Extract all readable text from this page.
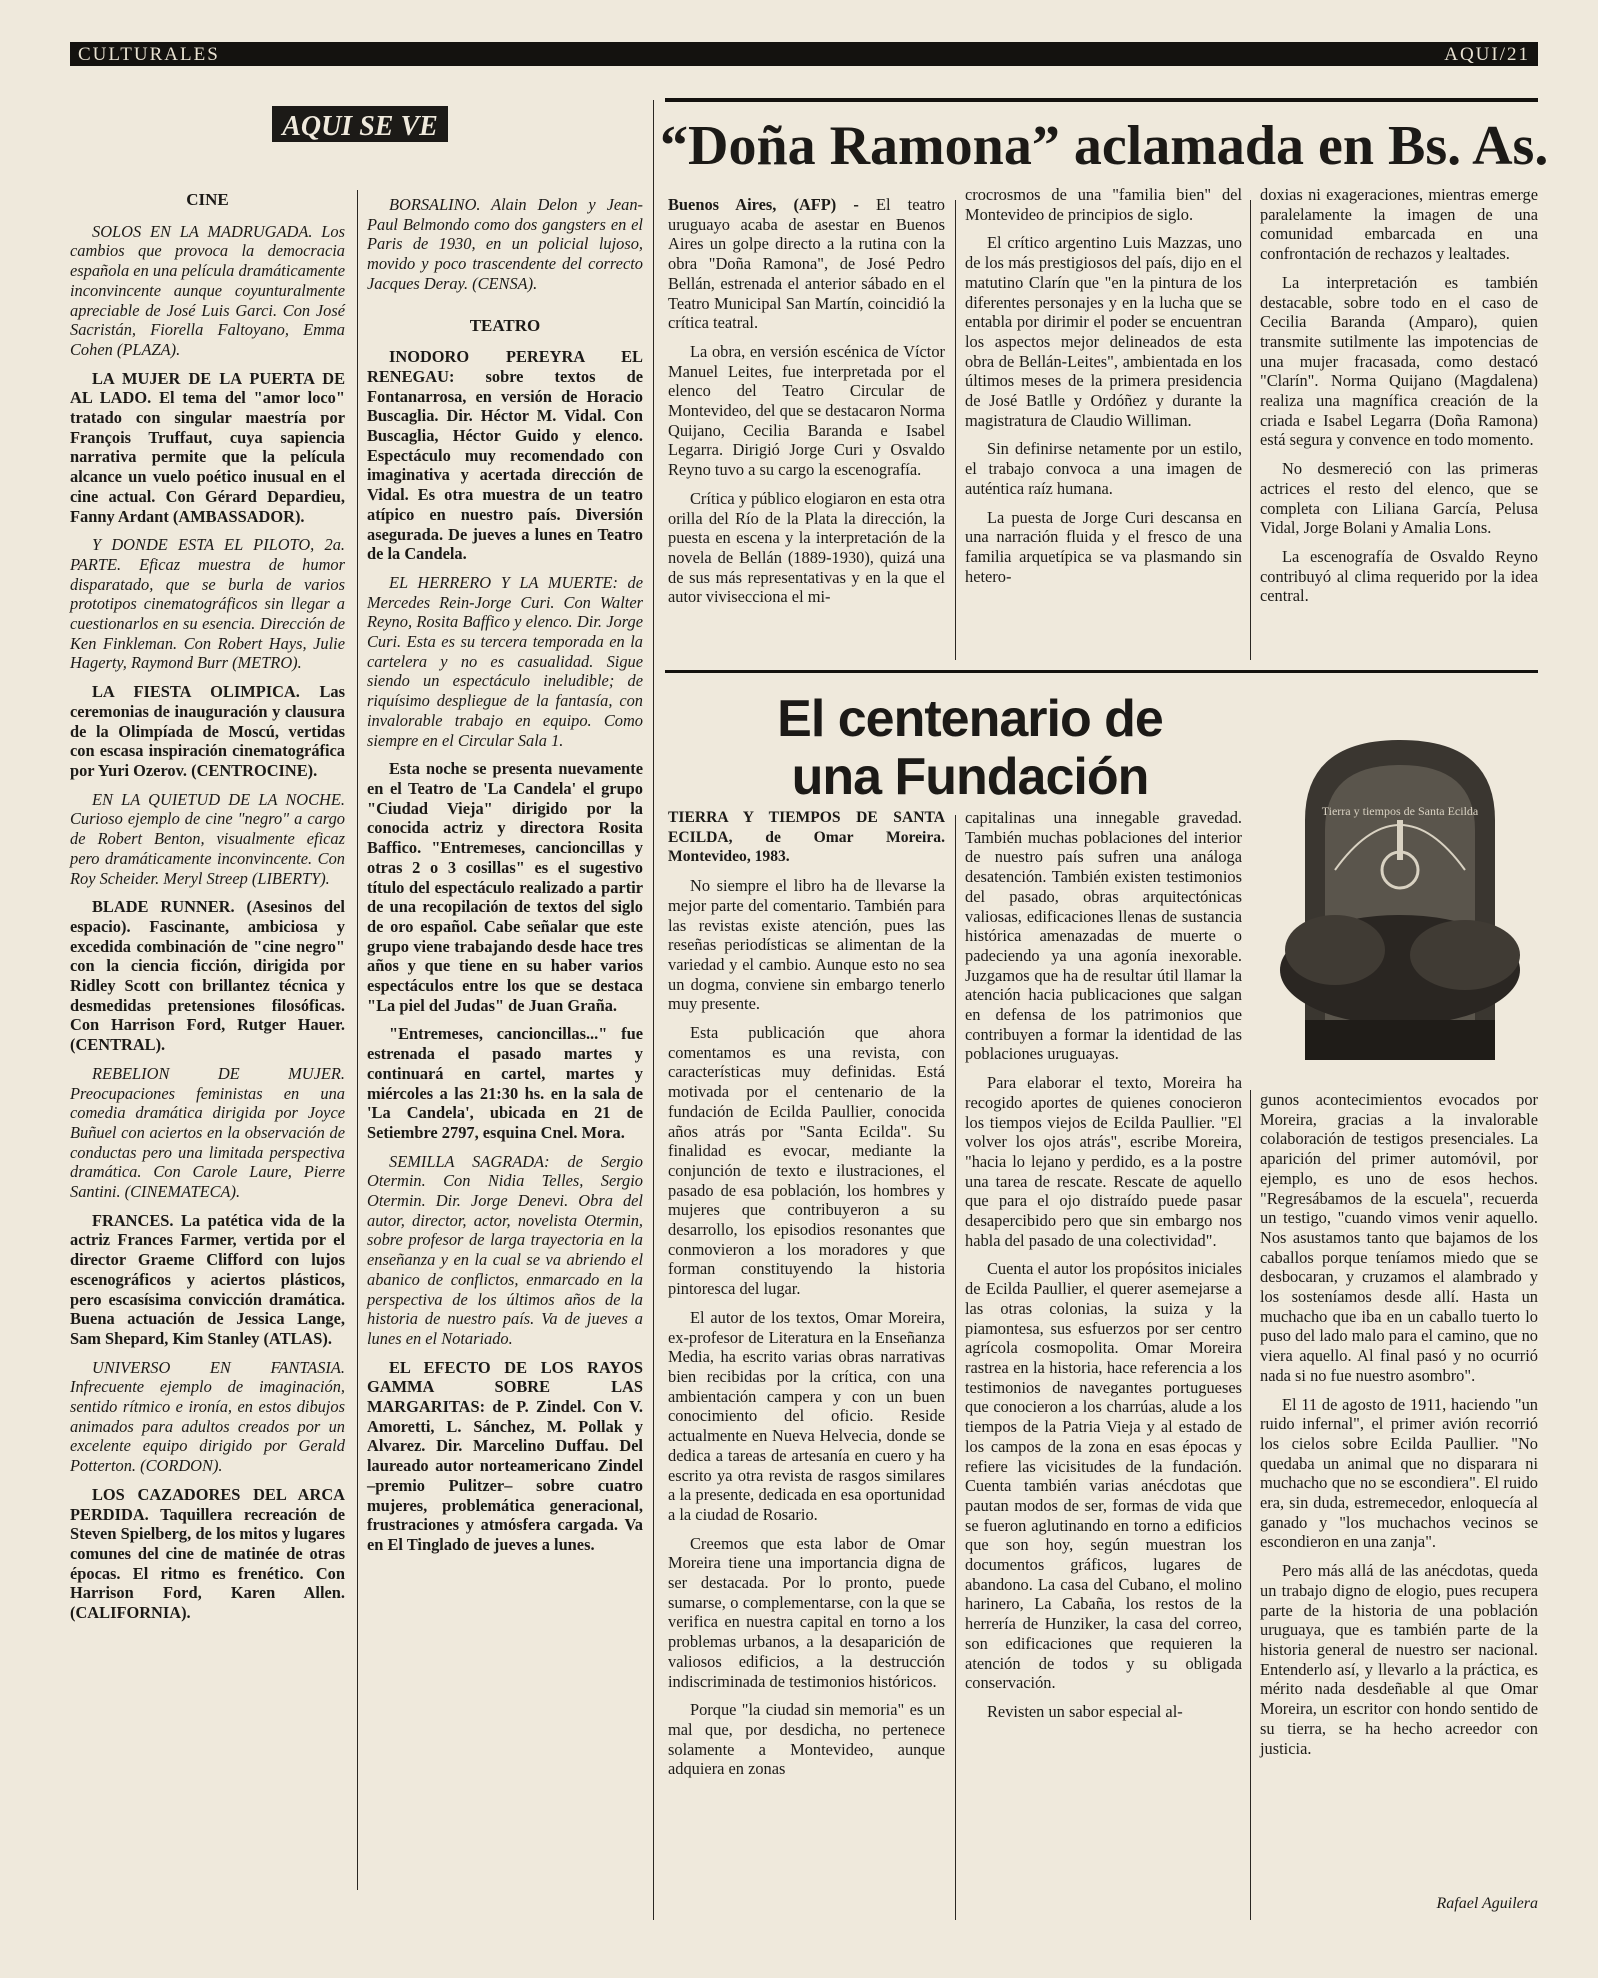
CULTURALES	AQUI/21
AQUI SE VE
CINE

SOLOS EN LA MADRUGADA. Los cambios que provoca la democracia española en una película dramáticamente inconvincente aunque coyunturalmente apreciable de José Luis Garci. Con José Sacristán, Fiorella Faltoyano, Emma Cohen (PLAZA).

LA MUJER DE LA PUERTA DE AL LADO. El tema del "amor loco" tratado con singular maestría por François Truffaut, cuya sapiencia narrativa permite que la película alcance un vuelo poético inusual en el cine actual. Con Gérard Depardieu, Fanny Ardant (AMBASSADOR).

Y DONDE ESTA EL PILOTO, 2a. PARTE. Eficaz muestra de humor disparatado, que se burla de varios prototipos cinematográficos sin llegar a cuestionarlos en su esencia. Dirección de Ken Finkleman. Con Robert Hays, Julie Hagerty, Raymond Burr (METRO).

LA FIESTA OLIMPICA. Las ceremonias de inauguración y clausura de la Olimpíada de Moscú, vertidas con escasa inspiración cinematográfica por Yuri Ozerov. (CENTROCINE).

EN LA QUIETUD DE LA NOCHE. Curioso ejemplo de cine "negro" a cargo de Robert Benton, visualmente eficaz pero dramáticamente inconvincente. Con Roy Scheider. Meryl Streep (LIBERTY).

BLADE RUNNER. (Asesinos del espacio). Fascinante, ambiciosa y excedida combinación de "cine negro" con la ciencia ficción, dirigida por Ridley Scott con brillantez técnica y desmedidas pretensiones filosóficas. Con Harrison Ford, Rutger Hauer. (CENTRAL).

REBELION DE MUJER. Preocupaciones feministas en una comedia dramática dirigida por Joyce Buñuel con aciertos en la observación de conductas pero una limitada perspectiva dramática. Con Carole Laure, Pierre Santini. (CINEMATECA).

FRANCES. La patética vida de la actriz Frances Farmer, vertida por el director Graeme Clifford con lujos escenográficos y aciertos plásticos, pero escasísima convicción dramática. Buena actuación de Jessica Lange, Sam Shepard, Kim Stanley (ATLAS).

UNIVERSO EN FANTASIA. Infrecuente ejemplo de imaginación, sentido rítmico e ironía, en estos dibujos animados para adultos creados por un excelente equipo dirigido por Gerald Potterton. (CORDON).

LOS CAZADORES DEL ARCA PERDIDA. Taquillera recreación de Steven Spielberg, de los mitos y lugares comunes del cine de matinée de otras épocas. El ritmo es frenético. Con Harrison Ford, Karen Allen. (CALIFORNIA).

BORSALINO. Alain Delon y Jean-Paul Belmondo como dos gangsters en el Paris de 1930, en un policial lujoso, movido y poco trascendente del correcto Jacques Deray. (CENSA).

TEATRO

INODORO PEREYRA EL RENEGAU: sobre textos de Fontanarrosa, en versión de Horacio Buscaglia. Dir. Héctor M. Vidal. Con Buscaglia, Héctor Guido y elenco. Espectáculo muy recomendado con imaginativa y acertada dirección de Vidal. Es otra muestra de un teatro atípico en nuestro país. Diversión asegurada. De jueves a lunes en Teatro de la Candela.

EL HERRERO Y LA MUERTE: de Mercedes Rein-Jorge Curi. Con Walter Reyno, Rosita Baffico y elenco. Dir. Jorge Curi. Esta es su tercera temporada en la cartelera y no es casualidad. Sigue siendo un espectáculo ineludible; de riquísimo despliegue de la fantasía, con invalorable trabajo en equipo. Como siempre en el Circular Sala 1.

Esta noche se presenta nuevamente en el Teatro de 'La Candela' el grupo "Ciudad Vieja" dirigido por la conocida actriz y directora Rosita Baffico. "Entremeses, cancioncillas y otras 2 o 3 cosillas" es el sugestivo título del espectáculo realizado a partir de una recopilación de textos del siglo de oro español. Cabe señalar que este grupo viene trabajando desde hace tres años y que tiene en su haber varios espectáculos entre los que se destaca "La piel del Judas" de Juan Graña.

"Entremeses, cancioncillas..." fue estrenada el pasado martes y continuará en cartel, martes y miércoles a las 21:30 hs. en la sala de 'La Candela', ubicada en 21 de Setiembre 2797, esquina Cnel. Mora.

SEMILLA SAGRADA: de Sergio Otermin. Con Nidia Telles, Sergio Otermin. Dir. Jorge Denevi. Obra del autor, director, actor, novelista Otermin, sobre profesor de larga trayectoria en la enseñanza y en la cual se va abriendo el abanico de conflictos, enmarcado en la perspectiva de los últimos años de la historia de nuestro país. Va de jueves a lunes en el Notariado.

EL EFECTO DE LOS RAYOS GAMMA SOBRE LAS MARGARITAS: de P. Zindel. Con V. Amoretti, L. Sánchez, M. Pollak y Alvarez. Dir. Marcelino Duffau. Del laureado autor norteamericano Zindel –premio Pulitzer– sobre cuatro mujeres, problemática generacional, frustraciones y atmósfera cargada. Va en El Tinglado de jueves a lunes.

“Doña Ramona” aclamada en Bs. As.

Buenos Aires, (AFP) - El teatro uruguayo acaba de asestar en Buenos Aires un golpe directo a la rutina con la obra "Doña Ramona", de José Pedro Bellán, estrenada el anterior sábado en el Teatro Municipal San Martín, coincidió la crítica teatral.

La obra, en versión escénica de Víctor Manuel Leites, fue interpretada por el elenco del Teatro Circular de Montevideo, del que se destacaron Norma Quijano, Cecilia Baranda e Isabel Legarra. Dirigió Jorge Curi y Osvaldo Reyno tuvo a su cargo la escenografía.

Crítica y público elogiaron en esta otra orilla del Río de la Plata la dirección, la puesta en escena y la interpretación de la novela de Bellán (1889-1930), quizá una de sus más representativas y en la que el autor vivisecciona el mi-

crocrosmos de una "familia bien" del Montevideo de principios de siglo.

El crítico argentino Luis Mazzas, uno de los más prestigiosos del país, dijo en el matutino Clarín que "en la pintura de los diferentes personajes y en la lucha que se entabla por dirimir el poder se encuentran los aspectos mejor delineados de esta obra de Bellán-Leites", ambientada en los últimos meses de la primera presidencia de José Batlle y Ordóñez y durante la magistratura de Claudio Williman.

Sin definirse netamente por un estilo, el trabajo convoca a una imagen de auténtica raíz humana.

La puesta de Jorge Curi descansa en una narración fluida y el fresco de una familia arquetípica se va plasmando sin hetero-

doxias ni exageraciones, mientras emerge paralelamente la imagen de una comunidad embarcada en una confrontación de rechazos y lealtades.

La interpretación es también destacable, sobre todo en el caso de Cecilia Baranda (Amparo), quien transmite sutilmente las impotencias de una mujer fracasada, como destacó "Clarín". Norma Quijano (Magdalena) realiza una magnífica creación de la criada e Isabel Legarra (Doña Ramona) está segura y convence en todo momento.

No desmereció con las primeras actrices el resto del elenco, que se completa con Liliana García, Pelusa Vidal, Jorge Bolani y Amalia Lons.

La escenografía de Osvaldo Reyno contribuyó al clima requerido por la idea central.

El centenario de
una Fundación

TIERRA Y TIEMPOS DE SANTA ECILDA, de Omar Moreira. Montevideo, 1983.

No siempre el libro ha de llevarse la mejor parte del comentario. También para las revistas existe atención, pues las reseñas periodísticas se alimentan de la variedad y el cambio. Aunque esto no sea un dogma, conviene sin embargo tenerlo muy presente.

Esta publicación que ahora comentamos es una revista, con características muy definidas. Está motivada por el centenario de la fundación de Ecilda Paullier, conocida años atrás por "Santa Ecilda". Su finalidad es evocar, mediante la conjunción de texto e ilustraciones, el pasado de esa población, los hombres y mujeres que contribuyeron a su desarrollo, los episodios resonantes que conmovieron a los moradores y que forman constituyendo la historia pintoresca del lugar.

El autor de los textos, Omar Moreira, ex-profesor de Literatura en la Enseñanza Media, ha escrito varias obras narrativas bien recibidas por la crítica, con una ambientación campera y con un buen conocimiento del oficio. Reside actualmente en Nueva Helvecia, donde se dedica a tareas de artesanía en cuero y ha escrito ya otra revista de rasgos similares a la presente, dedicada en esa oportunidad a la ciudad de Rosario.

Creemos que esta labor de Omar Moreira tiene una importancia digna de ser destacada. Por lo pronto, puede sumarse, o complementarse, con la que se verifica en nuestra capital en torno a los problemas urbanos, a la desaparición de valiosos edificios, a la destrucción indiscriminada de testimonios históricos.

Porque "la ciudad sin memoria" es un mal que, por desdicha, no pertenece solamente a Montevideo, aunque adquiera en zonas

capitalinas una innegable gravedad. También muchas poblaciones del interior de nuestro país sufren una análoga desatención. También existen testimonios del pasado, obras arquitectónicas valiosas, edificaciones llenas de sustancia histórica amenazadas de muerte o padeciendo ya una agonía inexorable. Juzgamos que ha de resultar útil llamar la atención hacia publicaciones que salgan en defensa de los patrimonios que contribuyen a formar la identidad de las poblaciones uruguayas.

Para elaborar el texto, Moreira ha recogido aportes de quienes conocieron los tiempos viejos de Ecilda Paullier. "El volver los ojos atrás", escribe Moreira, "hacia lo lejano y perdido, es a la postre una tarea de rescate. Rescate de aquello que para el ojo distraído puede pasar desapercibido pero que sin embargo nos habla del pasado de una colectividad".

Cuenta el autor los propósitos iniciales de Ecilda Paullier, el querer asemejarse a las otras colonias, la suiza y la piamontesa, sus esfuerzos por ser centro agrícola cosmopolita. Omar Moreira rastrea en la historia, hace referencia a los testimonios de navegantes portugueses que conocieron a los charrúas, alude a los tiempos de la Patria Vieja y al estado de los campos de la zona en esas épocas y refiere las vicisitudes de la fundación. Cuenta también varias anécdotas que pautan modos de ser, formas de vida que se fueron aglutinando en torno a edificios que son hoy, según muestran los documentos gráficos, lugares de abandono. La casa del Cubano, el molino harinero, La Cabaña, los restos de la herrería de Hunziker, la casa del correo, son edificaciones que requieren la atención de todos y su obligada conservación.

Revisten un sabor especial al-

gunos acontecimientos evocados por Moreira, gracias a la invalorable colaboración de testigos presenciales. La aparición del primer automóvil, por ejemplo, es uno de esos hechos. "Regresábamos de la escuela", recuerda un testigo, "cuando vimos venir aquello. Nos asustamos tanto que bajamos de los caballos porque teníamos miedo que se desbocaran, y cruzamos el alambrado y los sosteníamos desde allí. Hasta un muchacho que iba en un caballo tuerto lo puso del lado malo para el camino, que no viera aquello. Al final pasó y no ocurrió nada si no fue nuestro asombro".

El 11 de agosto de 1911, haciendo "un ruido infernal", el primer avión recorrió los cielos sobre Ecilda Paullier. "No quedaba un animal que no disparara ni muchacho que no se escondiera". El ruido era, sin duda, estremecedor, enloquecía al ganado y "los muchachos vecinos se escondieron en una zanja".

Pero más allá de las anécdotas, queda un trabajo digno de elogio, pues recupera parte de la historia de una población uruguaya, que es también parte de la historia general de nuestro ser nacional. Entenderlo así, y llevarlo a la práctica, es mérito nada desdeñable al que Omar Moreira, un escritor con hondo sentido de su tierra, se ha hecho acreedor con justicia.

Tierra y tiempos de Santa Ecilda
Rafael Aguilera
